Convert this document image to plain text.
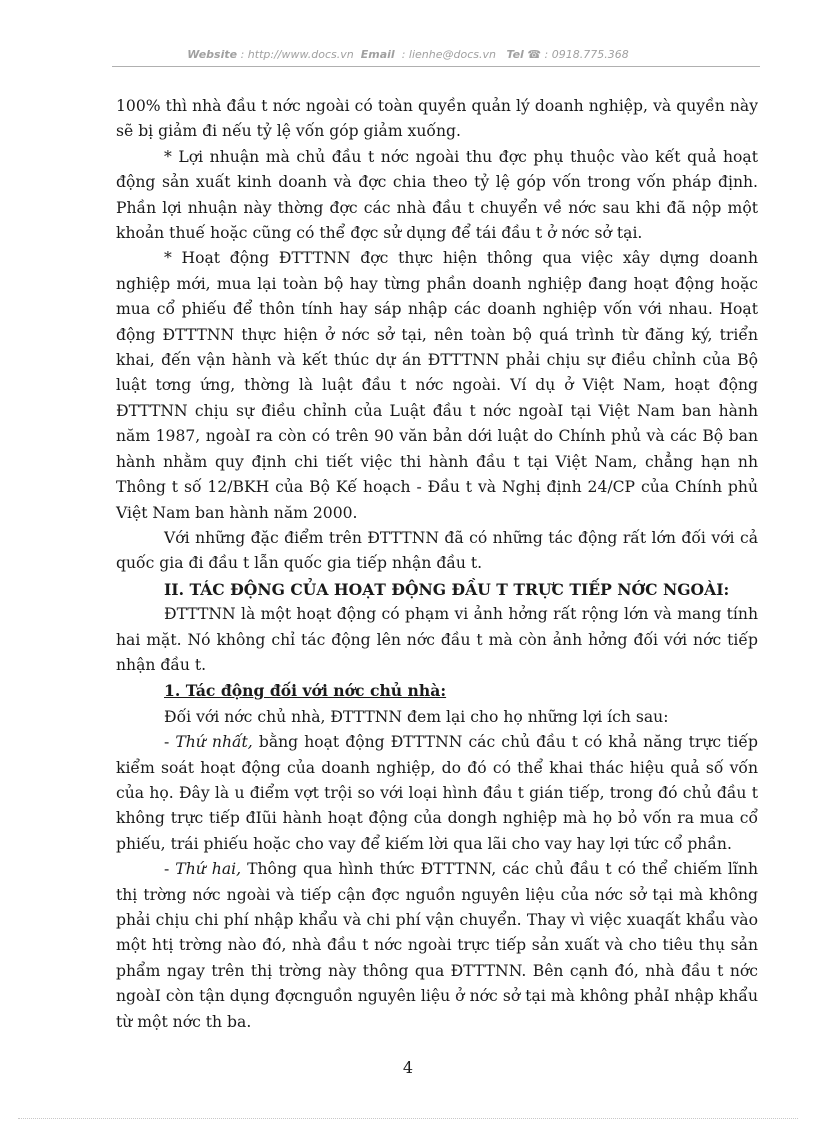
Website : http://www.docs.vn Email : lienhe@docs.vn Tel ☎ : 0918.775.368

100% thì nhà đầu t nớc ngoài có toàn quyền quản lý doanh nghiệp, và quyền này sẽ bị giảm đi nếu tỷ lệ vốn góp giảm xuống.

* Lợi nhuận mà chủ đầu t nớc ngoài thu đợc phụ thuộc vào kết quả hoạt động sản xuất kinh doanh và đợc chia theo tỷ lệ góp vốn trong vốn pháp định. Phần lợi nhuận này thờng đợc các nhà đầu t chuyển về nớc sau khi đã nộp một khoản thuế hoặc cũng có thể đợc sử dụng để tái đầu t ở nớc sở tại.

* Hoạt động ĐTTTNN đợc thực hiện thông qua việc xây dựng doanh nghiệp mới, mua lại toàn bộ hay từng phần doanh nghiệp đang hoạt động hoặc mua cổ phiếu để thôn tính hay sáp nhập các doanh nghiệp vốn với nhau. Hoạt động ĐTTTNN thực hiện ở nớc sở tại, nên toàn bộ quá trình từ đăng ký, triển khai, đến vận hành và kết thúc dự án ĐTTTNN phải chịu sự điều chỉnh của Bộ luật tơng ứng, thờng là luật đầu t nớc ngoài. Ví dụ ở Việt Nam, hoạt động ĐTTTNN chịu sự điều chỉnh của Luật đầu t nớc ngoàI tại Việt Nam ban hành năm 1987, ngoàI ra còn có trên 90 văn bản dới luật do Chính phủ và các Bộ ban hành nhằm quy định chi tiết việc thi hành đầu t tại Việt Nam, chẳng hạn nh Thông t số 12/BKH của Bộ Kế hoạch - Đầu t và Nghị định 24/CP của Chính phủ Việt Nam ban hành năm 2000.

Với những đặc điểm trên ĐTTTNN đã có những tác động rất lớn đối với cả quốc gia đi đầu t lẫn quốc gia tiếp nhận đầu t.

II. TÁC ĐỘNG CỦA HOẠT ĐỘNG ĐẦU T TRỰC TIẾP NỚC NGOÀI:

ĐTTTNN là một hoạt động có phạm vi ảnh hởng rất rộng lớn và mang tính hai mặt. Nó không chỉ tác động lên nớc đầu t mà còn ảnh hởng đối với nớc tiếp nhận đầu t.

1. Tác động đối với nớc chủ nhà:

Đối với nớc chủ nhà, ĐTTTNN đem lại cho họ những lợi ích sau:

- Thứ nhất, bằng hoạt động ĐTTTNN các chủ đầu t có khả năng trực tiếp kiểm soát hoạt động của doanh nghiệp, do đó có thể khai thác hiệu quả số vốn của họ. Đây là u điểm vợt trội so với loại hình đầu t gián tiếp, trong đó chủ đầu t không trực tiếp đIũi hành hoạt động của dongh nghiệp mà họ bỏ vốn ra mua cổ phiếu, trái phiếu hoặc cho vay để kiếm lời qua lãi cho vay hay lợi tức cổ phần.

- Thứ hai, Thông qua hình thức ĐTTTNN, các chủ đầu t có thể chiếm lĩnh thị trờng nớc ngoài và tiếp cận đợc nguồn nguyên liệu của nớc sở tại mà không phải chịu chi phí nhập khẩu và chi phí vận chuyển. Thay vì việc xuaqất khẩu vào một htị trờng nào đó, nhà đầu t nớc ngoài trực tiếp sản xuất và cho tiêu thụ sản phẩm ngay trên thị trờng này thông qua ĐTTTNN. Bên cạnh đó, nhà đầu t nớc ngoàI còn tận dụng đợcnguồn nguyên liệu ở nớc sở tại mà không phảI nhập khẩu từ một nớc th ba.

4
